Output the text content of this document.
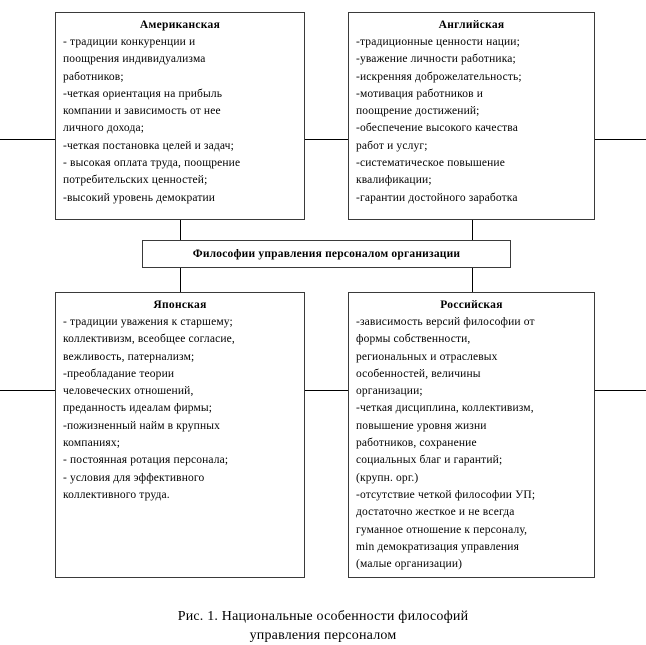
Американская
- традиции конкуренции и
поощрения индивидуализма
работников;
-четкая ориентация на прибыль
компании и зависимость от нее
личного дохода;
-четкая постановка целей и задач;
- высокая оплата труда, поощрение
потребительских ценностей;
-высокий уровень демократии
Английская
-традиционные ценности нации;
-уважение личности работника;
-искренняя доброжелательность;
-мотивация работников и
поощрение достижений;
-обеспечение высокого качества
работ и услуг;
-систематическое повышение
квалификации;
-гарантии достойного заработка
Философии управления персоналом организации
Японская
- традиции уважения к старшему;
коллективизм, всеобщее согласие,
вежливость, патернализм;
-преобладание теории
человеческих отношений,
преданность идеалам фирмы;
-пожизненный найм в крупных
компаниях;
- постоянная ротация персонала;
- условия для эффективного
коллективного труда.
Российская
-зависимость версий философии от
формы собственности,
региональных и отраслевых
особенностей, величины
организации;
-четкая дисциплина, коллективизм,
повышение уровня жизни
работников, сохранение
социальных благ и гарантий;
(крупн. орг.)
-отсутствие четкой философии УП;
достаточно жесткое и не всегда
гуманное отношение к персоналу,
min демократизация управления
(малые организации)
Рис. 1. Национальные особенности философий
управления персоналом
